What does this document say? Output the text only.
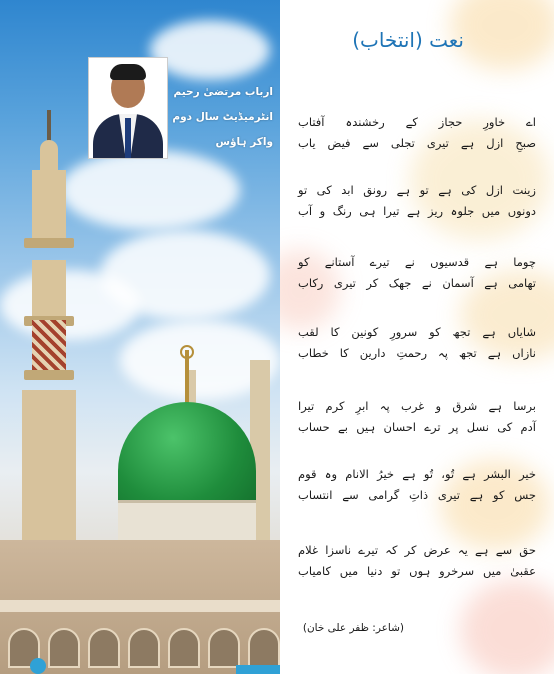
ارباب مرتضیٰ رحیم
انٹرمیڈیٹ سال دوم
واکر ہاؤس
نعت (انتخاب)
اے خاورِ حجاز کے رخشندہ آفتاب
صبحِ ازل ہے تیری تجلی سے فیض یاب
زینت ازل کی ہے تو ہے رونق ابد کی تو
دونوں میں جلوہ ریز ہے تیرا ہی رنگ و آب
چوما ہے قدسیوں نے تیرے آستانے کو
تھامی ہے آسمان نے جھک کر تیری رکاب
شایاں ہے تجھ کو سرورِ کونین کا لقب
نازاں ہے تجھ پہ رحمتِ دارین کا خطاب
برسا ہے شرق و غرب پہ ابرِ کرم تیرا
آدم کی نسل پر ترے احسان ہیں بے حساب
خیر البشر ہے تُو، تُو ہے خیرُ الانام وہ قوم
جس کو ہے تیری ذاتِ گرامی سے انتساب
حق سے ہے یہ عرض کر کہ تیرے ناسزا غلام
عقبیٰ میں سرخرو ہوں تو دنیا میں کامیاب
(شاعر: ظفر علی خان)
